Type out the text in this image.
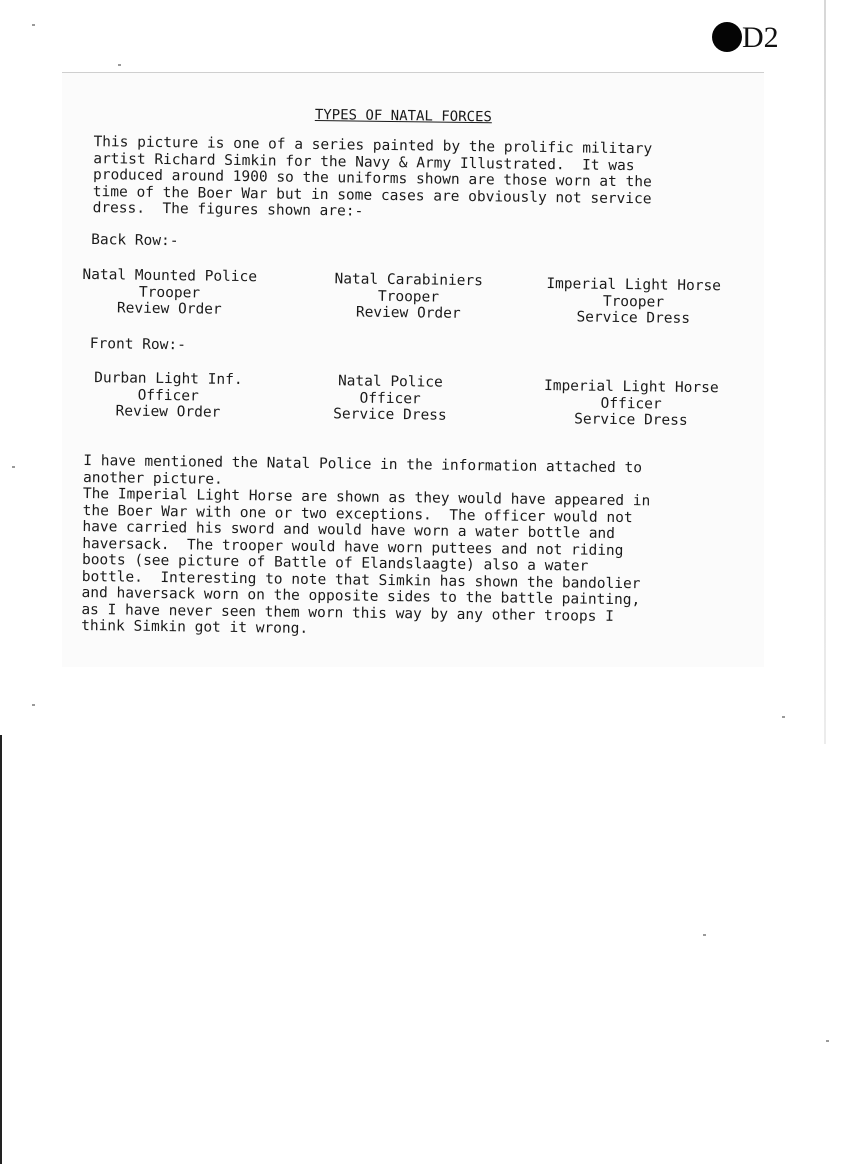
D2
TYPES OF NATAL FORCES
This picture is one of a series painted by the prolific military
artist Richard Simkin for the Navy & Army Illustrated.  It was
produced around 1900 so the uniforms shown are those worn at the
time of the Boer War but in some cases are obviously not service
dress.  The figures shown are:-
Back Row:-
Natal Mounted Police
Trooper
Review Order
Natal Carabiniers
Trooper
Review Order
Imperial Light Horse
Trooper
Service Dress
Front Row:-
Durban Light Inf.
Officer
Review Order
Natal Police
Officer
Service Dress
Imperial Light Horse
Officer
Service Dress
I have mentioned the Natal Police in the information attached to
another picture.
The Imperial Light Horse are shown as they would have appeared in
the Boer War with one or two exceptions.  The officer would not
have carried his sword and would have worn a water bottle and
haversack.  The trooper would have worn puttees and not riding
boots (see picture of Battle of Elandslaagte) also a water
bottle.  Interesting to note that Simkin has shown the bandolier
and haversack worn on the opposite sides to the battle painting,
as I have never seen them worn this way by any other troops I
think Simkin got it wrong.
